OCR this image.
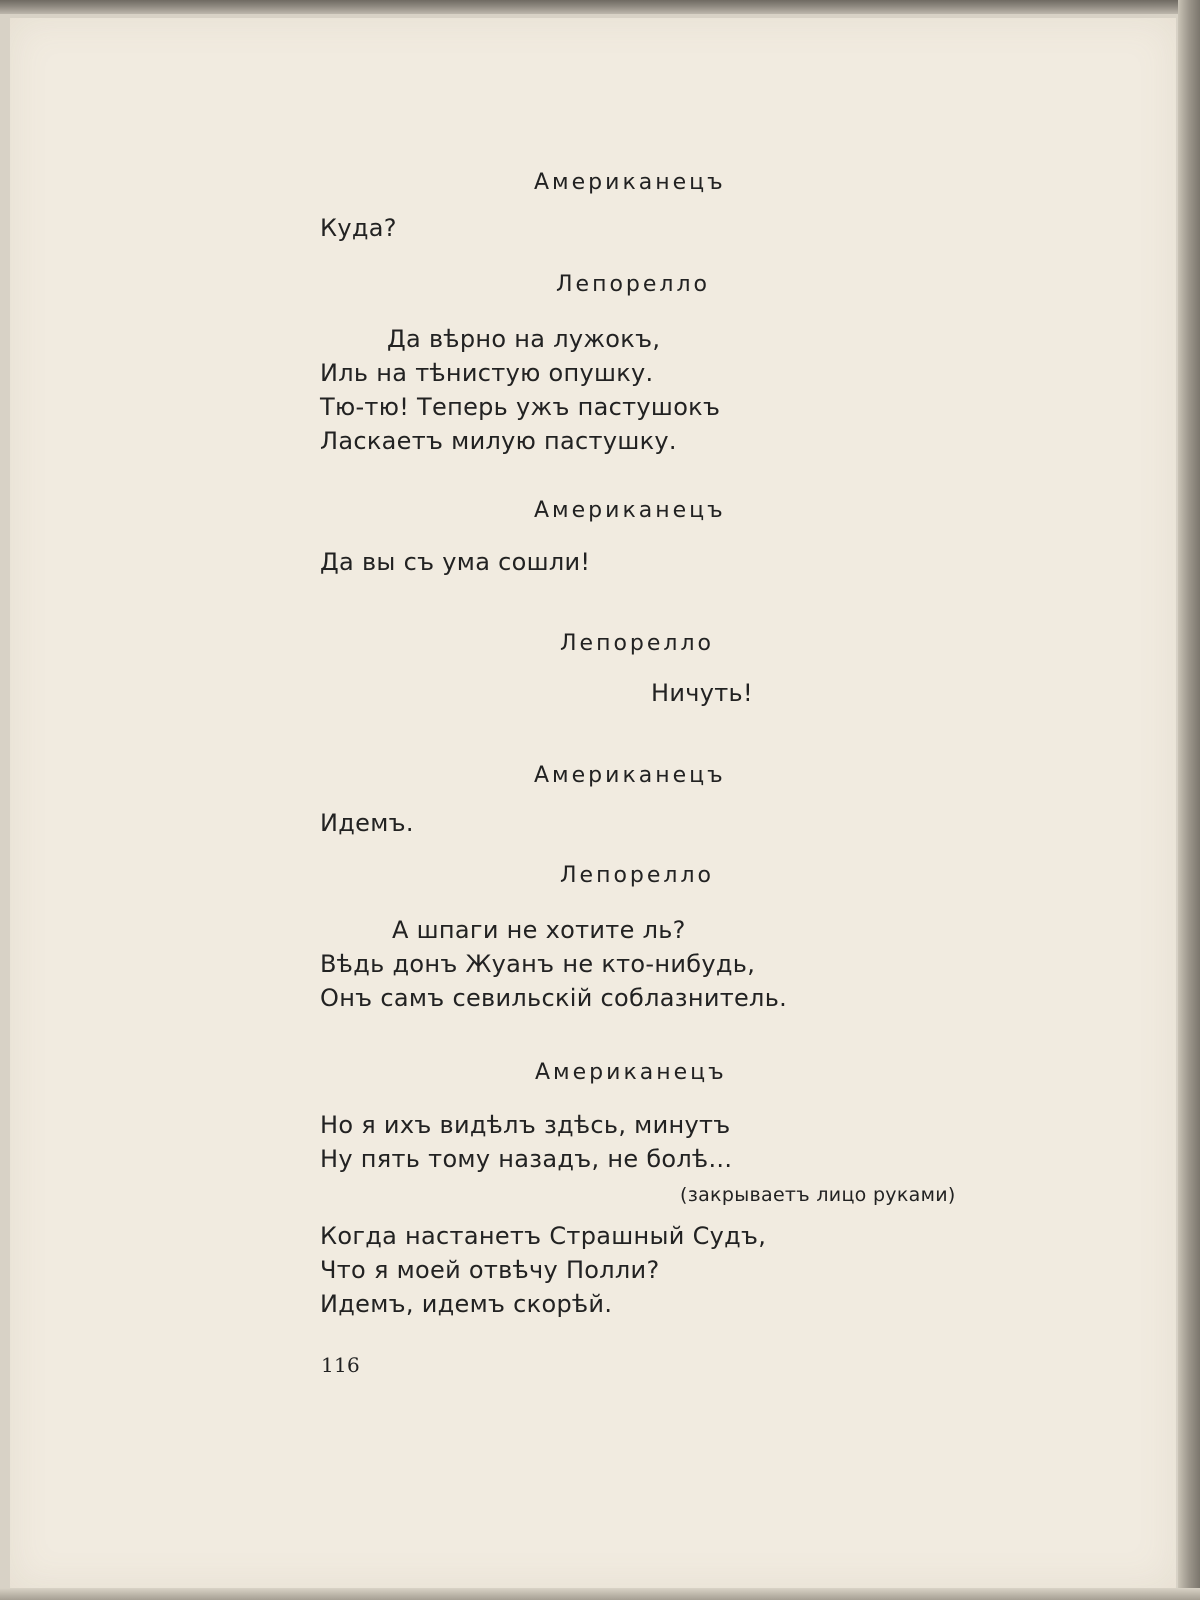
Американецъ
Куда?
Лепорелло
Да вѣрно на лужокъ,
Иль на тѣнистую опушку.
Тю-тю! Теперь ужъ пастушокъ
Ласкаетъ милую пастушку.
Американецъ
Да вы съ ума сошли!
Лепорелло
Ничуть!
Американецъ
Идемъ.
Лепорелло
А шпаги не хотите ль?
Вѣдь донъ Жуанъ не кто-нибудь,
Онъ самъ севильскій соблазнитель.
Американецъ
Но я ихъ видѣлъ здѣсь, минутъ
Ну пять тому назадъ, не болѣ...
(закрываетъ лицо руками)
Когда настанетъ Страшный Судъ,
Что я моей отвѣчу Полли?
Идемъ, идемъ скорѣй.
116
